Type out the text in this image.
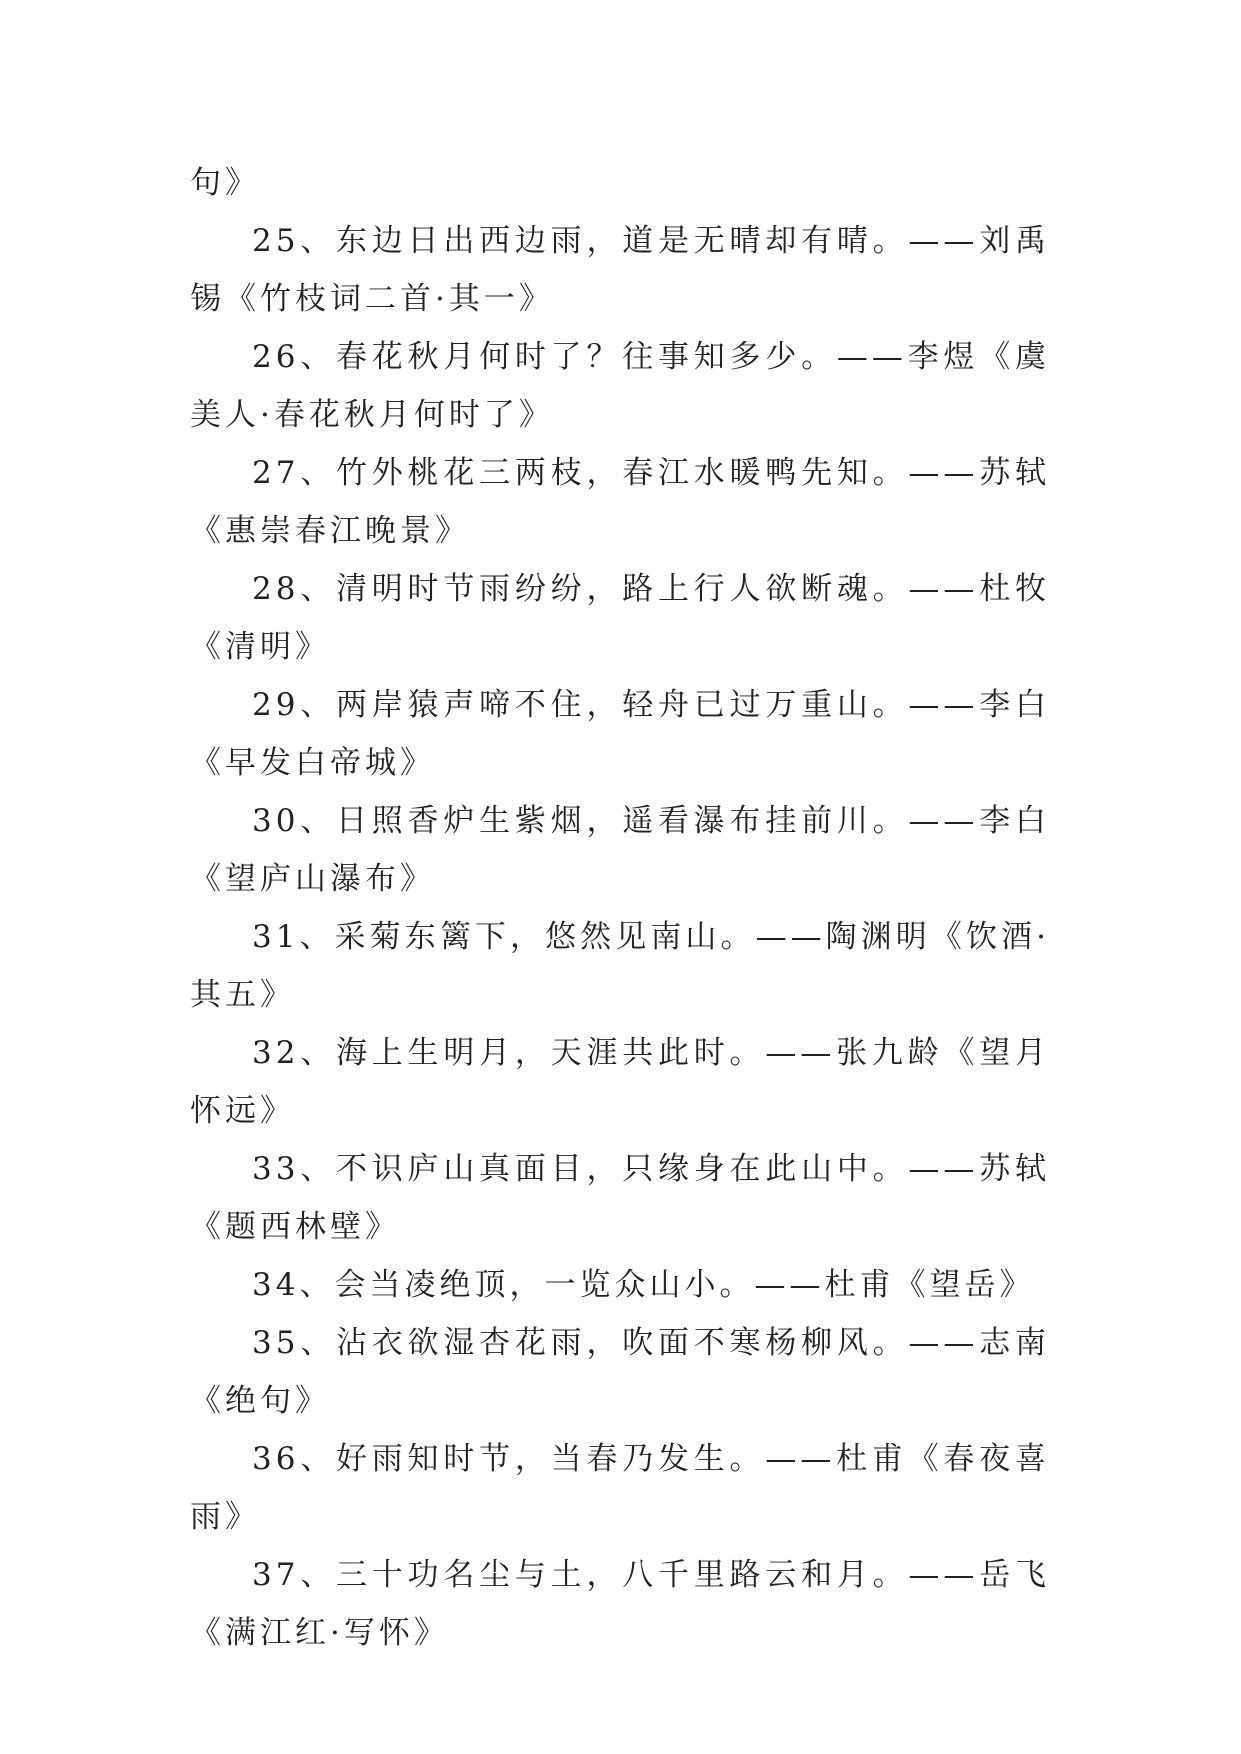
句》

25、东边日出西边雨，道是无晴却有晴。——刘禹锡《竹枝词二首·其一》

26、春花秋月何时了？往事知多少。——李煜《虞美人·春花秋月何时了》

27、竹外桃花三两枝，春江水暖鸭先知。——苏轼《惠崇春江晚景》

28、清明时节雨纷纷，路上行人欲断魂。——杜牧《清明》

29、两岸猿声啼不住，轻舟已过万重山。——李白《早发白帝城》

30、日照香炉生紫烟，遥看瀑布挂前川。——李白《望庐山瀑布》

31、采菊东篱下，悠然见南山。——陶渊明《饮酒·其五》

32、海上生明月，天涯共此时。——张九龄《望月怀远》

33、不识庐山真面目，只缘身在此山中。——苏轼《题西林壁》

34、会当凌绝顶，一览众山小。——杜甫《望岳》

35、沾衣欲湿杏花雨，吹面不寒杨柳风。——志南《绝句》

36、好雨知时节，当春乃发生。——杜甫《春夜喜雨》

37、三十功名尘与土，八千里路云和月。——岳飞《满江红·写怀》
